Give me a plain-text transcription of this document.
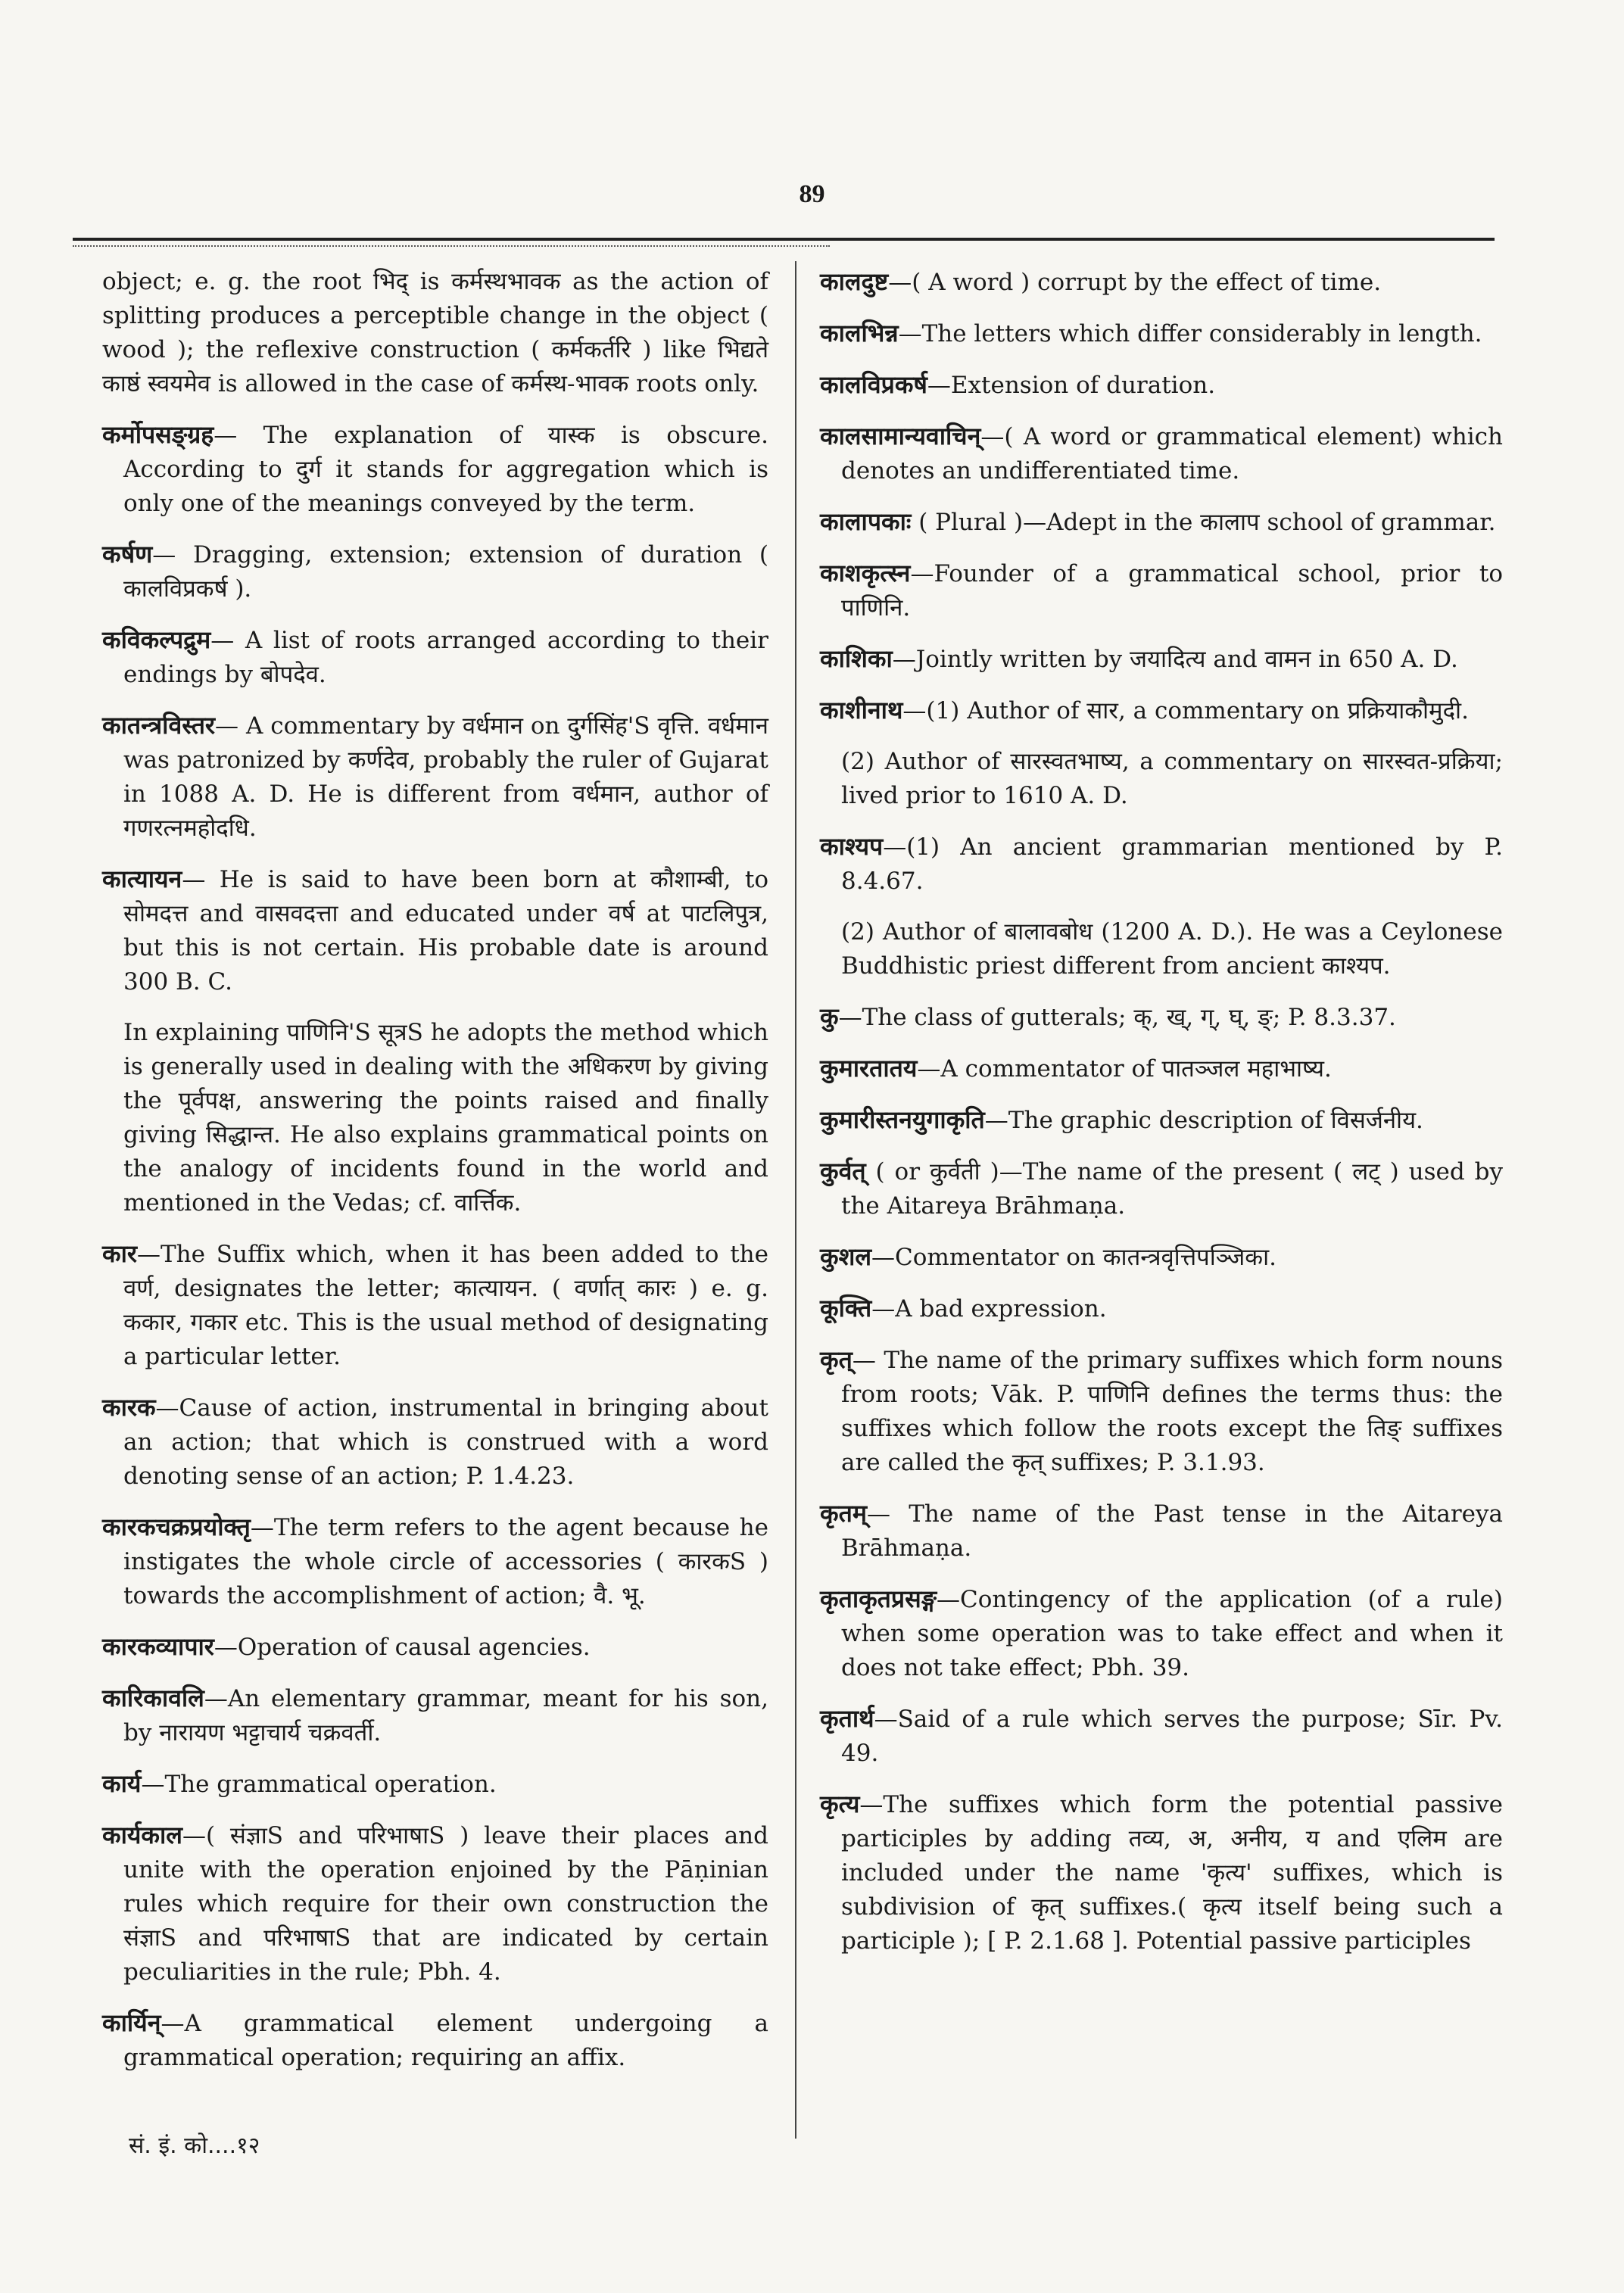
89

object; e. g. the root भिद् is कर्मस्थभावक as the action of splitting produces a perceptible change in the object ( wood ); the reflexive construction ( कर्मकर्तरि ) like भिद्यते काष्ठं स्वयमेव is allowed in the case of कर्मस्थ-भावक roots only.

कर्मोपसङ्ग्रह— The explanation of यास्क is obscure. According to दुर्ग it stands for aggregation which is only one of the meanings conveyed by the term.

कर्षण— Dragging, extension; extension of duration ( कालविप्रकर्ष ).

कविकल्पद्रुम— A list of roots arranged according to their endings by बोपदेव.

कातन्त्रविस्तर— A commentary by वर्धमान on दुर्गसिंह'S वृत्ति. वर्धमान was patronized by कर्णदेव, probably the ruler of Gujarat in 1088 A. D. He is different from वर्धमान, author of गणरत्नमहोदधि.

कात्यायन— He is said to have been born at कौशाम्बी, to सोमदत्त and वासवदत्ता and educated under वर्ष at पाटलिपुत्र, but this is not certain. His probable date is around 300 B. C.

In explaining पाणिनि'S सूत्रS he adopts the method which is generally used in dealing with the अधिकरण by giving the पूर्वपक्ष, answering the points raised and finally giving सिद्धान्त. He also explains grammatical points on the analogy of incidents found in the world and mentioned in the Vedas; cf. वार्त्तिक.

कार—The Suffix which, when it has been added to the वर्ण, designates the letter; कात्यायन. ( वर्णात् कारः ) e. g. ककार, गकार etc. This is the usual method of designating a particular letter.

कारक—Cause of action, instrumental in bringing about an action; that which is construed with a word denoting sense of an action; P. 1.4.23.

कारकचक्रप्रयोक्तृ—The term refers to the agent because he instigates the whole circle of accessories ( कारकS ) towards the accomplishment of action; वै. भू.

कारकव्यापार—Operation of causal agencies.

कारिकावलि—An elementary grammar, meant for his son, by नारायण भट्टाचार्य चक्रवर्ती.

कार्य—The grammatical operation.

कार्यकाल—( संज्ञाS and परिभाषाS ) leave their places and unite with the operation enjoined by the Pāṇinian rules which require for their own construction the संज्ञाS and परिभाषाS that are indicated by certain peculiarities in the rule; Pbh. 4.

कार्यिन्—A grammatical element undergoing a grammatical operation; requiring an affix.

कालदुष्ट—( A word ) corrupt by the effect of time.

कालभिन्न—The letters which differ considerably in length.

कालविप्रकर्ष—Extension of duration.

कालसामान्यवाचिन्—( A word or grammatical element) which denotes an undifferentiated time.

कालापकाः ( Plural )—Adept in the कालाप school of grammar.

काशकृत्स्न—Founder of a grammatical school, prior to पाणिनि.

काशिका—Jointly written by जयादित्य and वामन in 650 A. D.

काशीनाथ—(1) Author of सार, a commentary on प्रक्रियाकौमुदी.

(2) Author of सारस्वतभाष्य, a commentary on सारस्वत-प्रक्रिया; lived prior to 1610 A. D.

काश्यप—(1) An ancient grammarian mentioned by P. 8.4.67.

(2) Author of बालावबोध (1200 A. D.). He was a Ceylonese Buddhistic priest different from ancient काश्यप.

कु—The class of gutterals; क्, ख्, ग्, घ्, ङ्; P. 8.3.37.

कुमारतातय—A commentator of पातञ्जल महाभाष्य.

कुमारीस्तनयुगाकृति—The graphic description of विसर्जनीय.

कुर्वत् ( or कुर्वती )—The name of the present ( लट् ) used by the Aitareya Brāhmaṇa.

कुशल—Commentator on कातन्त्रवृत्तिपञ्जिका.

कूक्ति—A bad expression.

कृत्— The name of the primary suffixes which form nouns from roots; Vāk. P. पाणिनि defines the terms thus: the suffixes which follow the roots except the तिङ् suffixes are called the कृत् suffixes; P. 3.1.93.

कृतम्— The name of the Past tense in the Aitareya Brāhmaṇa.

कृताकृतप्रसङ्ग—Contingency of the application (of a rule) when some operation was to take effect and when it does not take effect; Pbh. 39.

कृतार्थ—Said of a rule which serves the purpose; Sīr. Pv. 49.

कृत्य—The suffixes which form the potential passive participles by adding तव्य, अ, अनीय, य and एलिम are included under the name 'कृत्य' suffixes, which is subdivision of कृत् suffixes.( कृत्य itself being such a participle ); [ P. 2.1.68 ]. Potential passive participles

सं. इं. को....१२
